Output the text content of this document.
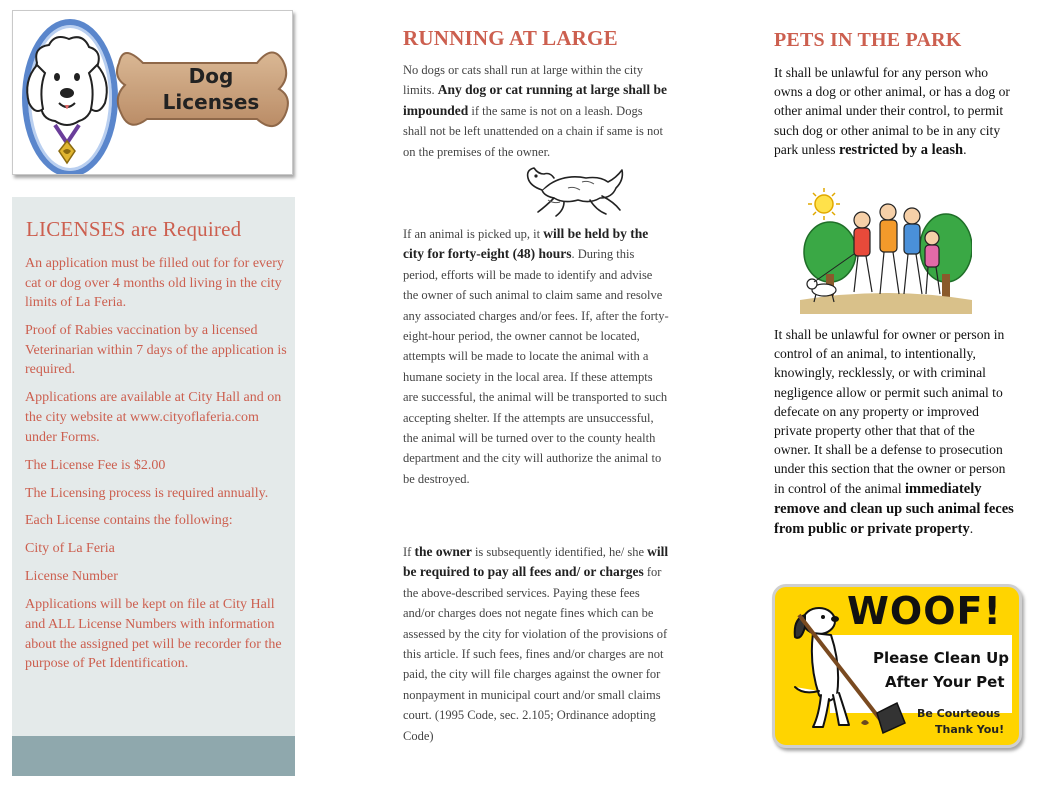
Dog
Licenses
LICENSES are Required

An application must be filled out for for every cat or dog over 4 months old living in the city limits of La Feria.

Proof of Rabies vaccination by a licensed Veterinarian within 7 days of the application is required.

Applications are available at City Hall and on the city website at www.cityoflaferia.com under Forms.

The License Fee is $2.00

The Licensing process is required annually.

Each License contains the following:

City of La Feria

License Number

Applications will be kept on file at City Hall and ALL License Numbers with information about the assigned pet will be recorder for the purpose of Pet Identification.

RUNNING AT LARGE
No dogs or cats shall run at large within the city limits. Any dog or cat running at large shall be impounded if the same is not on a leash. Dogs shall not be left unattended on a chain if same is not on the premises of the owner.
If an animal is picked up, it will be held by the city for forty-eight (48) hours. During this period, efforts will be made to identify and advise the owner of such animal to claim same and resolve any associated charges and/or fees. If, after the forty-eight-hour period, the owner cannot be located, attempts will be made to locate the animal with a humane society in the local area. If these attempts are successful, the animal will be transported to such accepting shelter. If the attempts are unsuccessful, the animal will be turned over to the county health department and the city will authorize the animal to be destroyed.
If the owner is subsequently identified, he/ she will be required to pay all fees and/ or charges for the above-described services. Paying these fees and/or charges does not negate fines which can be assessed by the city for violation of the provisions of this article. If such fees, fines and/or charges are not paid, the city will file charges against the owner for nonpayment in municipal court and/or small claims court. (1995 Code, sec. 2.105; Ordinance adopting Code)
PETS IN THE PARK
It shall be unlawful for any person who owns a dog or other animal, or has a dog or other animal under their control, to permit such dog or other animal to be in any city park unless restricted by a leash.
It shall be unlawful for owner or person in control of an animal, to intentionally, knowingly, recklessly, or with criminal negligence allow or permit such animal to defecate on any property or improved private property other that that of the owner. It shall be a defense to prosecution under this section that the owner or person in control of the animal immediately remove and clean up such animal feces from public or private property.
WOOF!
Please Clean Up
After Your Pet
Be Courteous
Thank You!
